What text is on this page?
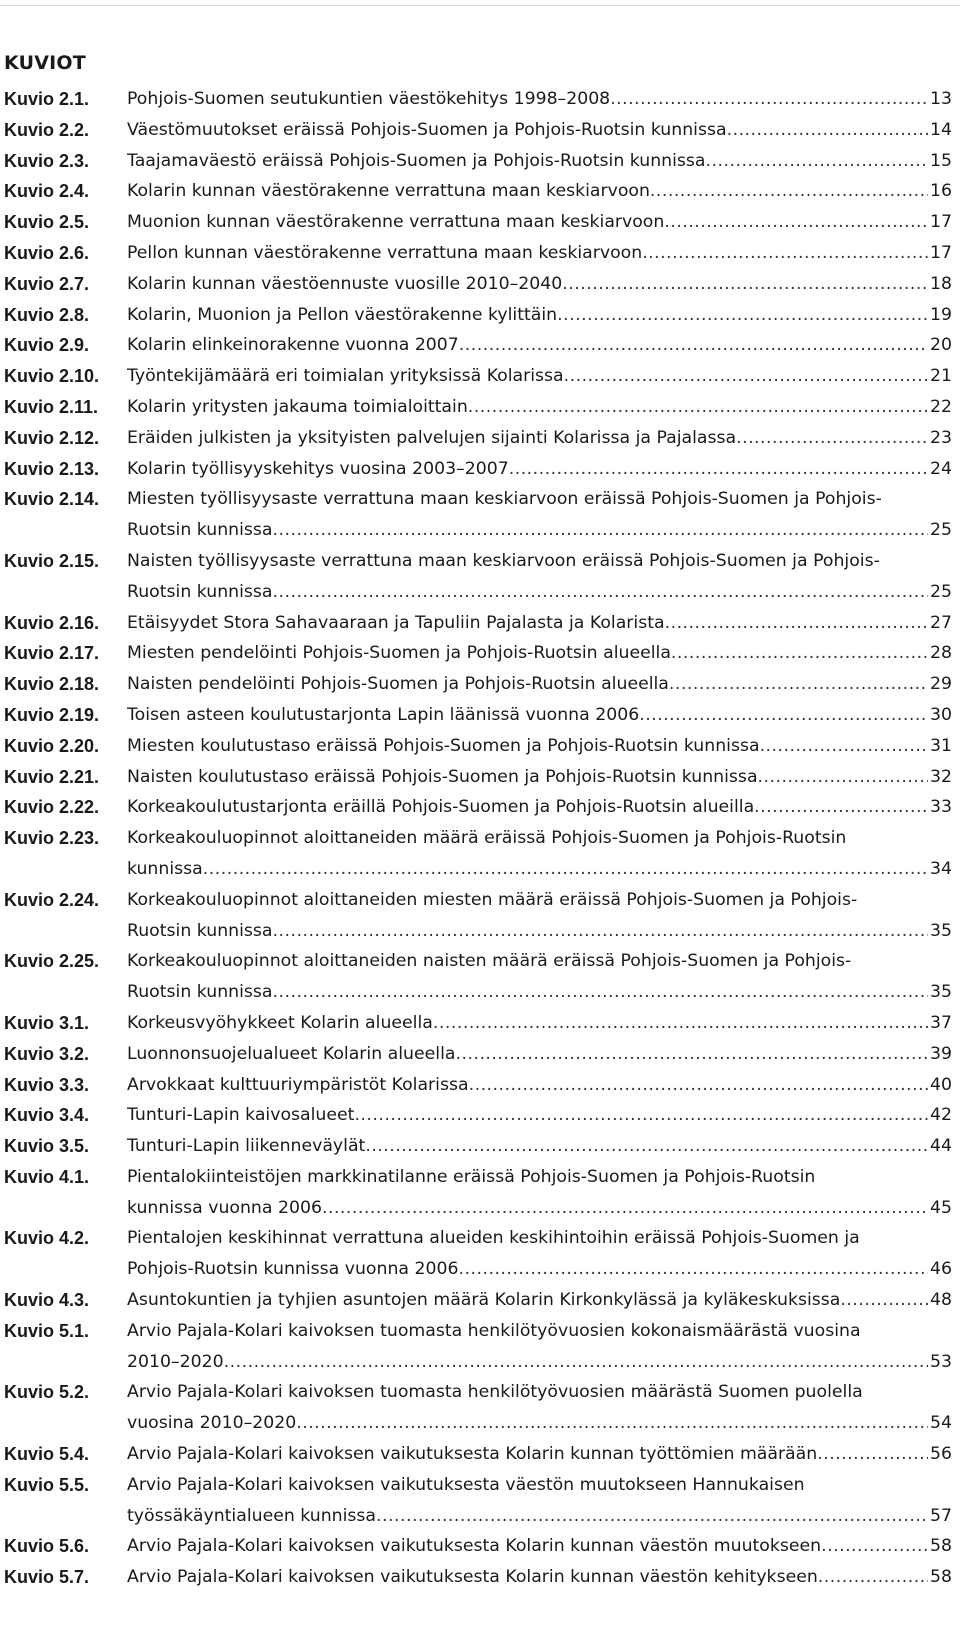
KUVIOT
Kuvio 2.1.	Pohjois-Suomen seutukuntien väestökehitys 1998–2008 .....	13
Kuvio 2.2.	Väestömuutokset eräissä Pohjois-Suomen ja Pohjois-Ruotsin kunnissa .....	14
Kuvio 2.3.	Taajamaväestö eräissä Pohjois-Suomen ja Pohjois-Ruotsin kunnissa .....	15
Kuvio 2.4.	Kolarin kunnan väestörakenne verrattuna maan keskiarvoon .....	16
Kuvio 2.5.	Muonion kunnan väestörakenne verrattuna maan keskiarvoon .....	17
Kuvio 2.6.	Pellon kunnan väestörakenne verrattuna maan keskiarvoon .....	17
Kuvio 2.7.	Kolarin kunnan väestöennuste vuosille 2010–2040 .....	18
Kuvio 2.8.	Kolarin, Muonion ja Pellon väestörakenne kylittäin .....	19
Kuvio 2.9.	Kolarin elinkeinorakenne vuonna 2007 .....	20
Kuvio 2.10.	Työntekijämäärä eri toimialan yrityksissä Kolarissa .....	21
Kuvio 2.11.	Kolarin yritysten jakauma toimialoittain .....	22
Kuvio 2.12.	Eräiden julkisten ja yksityisten palvelujen sijainti Kolarissa ja Pajalassa .....	23
Kuvio 2.13.	Kolarin työllisyyskehitys vuosina 2003–2007 .....	24
Kuvio 2.14.	Miesten työllisyysaste verrattuna maan keskiarvoon eräissä Pohjois-Suomen ja Pohjois-
Ruotsin kunnissa .....	25
Kuvio 2.15.	Naisten työllisyysaste verrattuna maan keskiarvoon eräissä Pohjois-Suomen ja Pohjois-
Ruotsin kunnissa .....	25
Kuvio 2.16.	Etäisyydet Stora Sahavaaraan ja Tapuliin Pajalasta ja Kolarista .....	27
Kuvio 2.17.	Miesten pendelöinti Pohjois-Suomen ja Pohjois-Ruotsin alueella .....	28
Kuvio 2.18.	Naisten pendelöinti Pohjois-Suomen ja Pohjois-Ruotsin alueella .....	29
Kuvio 2.19.	Toisen asteen koulutustarjonta Lapin läänissä vuonna 2006 .....	30
Kuvio 2.20.	Miesten koulutustaso eräissä Pohjois-Suomen ja Pohjois-Ruotsin kunnissa .....	31
Kuvio 2.21.	Naisten koulutustaso eräissä Pohjois-Suomen ja Pohjois-Ruotsin kunnissa .....	32
Kuvio 2.22.	Korkeakoulutustarjonta eräillä Pohjois-Suomen ja Pohjois-Ruotsin alueilla .....	33
Kuvio 2.23.	Korkeakouluopinnot aloittaneiden määrä eräissä Pohjois-Suomen ja Pohjois-Ruotsin
kunnissa .....	34
Kuvio 2.24.	Korkeakouluopinnot aloittaneiden miesten määrä eräissä Pohjois-Suomen ja Pohjois-
Ruotsin kunnissa .....	35
Kuvio 2.25.	Korkeakouluopinnot aloittaneiden naisten määrä eräissä Pohjois-Suomen ja Pohjois-
Ruotsin kunnissa .....	35
Kuvio 3.1.	Korkeusvyöhykkeet Kolarin alueella .....	37
Kuvio 3.2.	Luonnonsuojelualueet Kolarin alueella .....	39
Kuvio 3.3.	Arvokkaat kulttuuriympäristöt Kolarissa .....	40
Kuvio 3.4.	Tunturi-Lapin kaivosalueet .....	42
Kuvio 3.5.	Tunturi-Lapin liikenneväylät .....	44
Kuvio 4.1.	Pientalokiinteistöjen markkinatilanne eräissä Pohjois-Suomen ja Pohjois-Ruotsin
kunnissa vuonna 2006 .....	45
Kuvio 4.2.	Pientalojen keskihinnat verrattuna alueiden keskihintoihin eräissä Pohjois-Suomen ja
Pohjois-Ruotsin kunnissa vuonna 2006 .....	46
Kuvio 4.3.	Asuntokuntien ja tyhjien asuntojen määrä Kolarin Kirkonkylässä ja kyläkeskuksissa .....	48
Kuvio 5.1.	Arvio Pajala-Kolari kaivoksen tuomasta henkilötyövuosien kokonaismäärästä vuosina
2010–2020 .....	53
Kuvio 5.2.	Arvio Pajala-Kolari kaivoksen tuomasta henkilötyövuosien määrästä Suomen puolella
vuosina 2010–2020 .....	54
Kuvio 5.4.	Arvio Pajala-Kolari kaivoksen vaikutuksesta Kolarin kunnan työttömien määrään .....	56
Kuvio 5.5.	Arvio Pajala-Kolari kaivoksen vaikutuksesta väestön muutokseen Hannukaisen
työssäkäyntialueen kunnissa .....	57
Kuvio 5.6.	Arvio Pajala-Kolari kaivoksen vaikutuksesta Kolarin kunnan väestön muutokseen .....	58
Kuvio 5.7.	Arvio Pajala-Kolari kaivoksen vaikutuksesta Kolarin kunnan väestön kehitykseen .....	58
